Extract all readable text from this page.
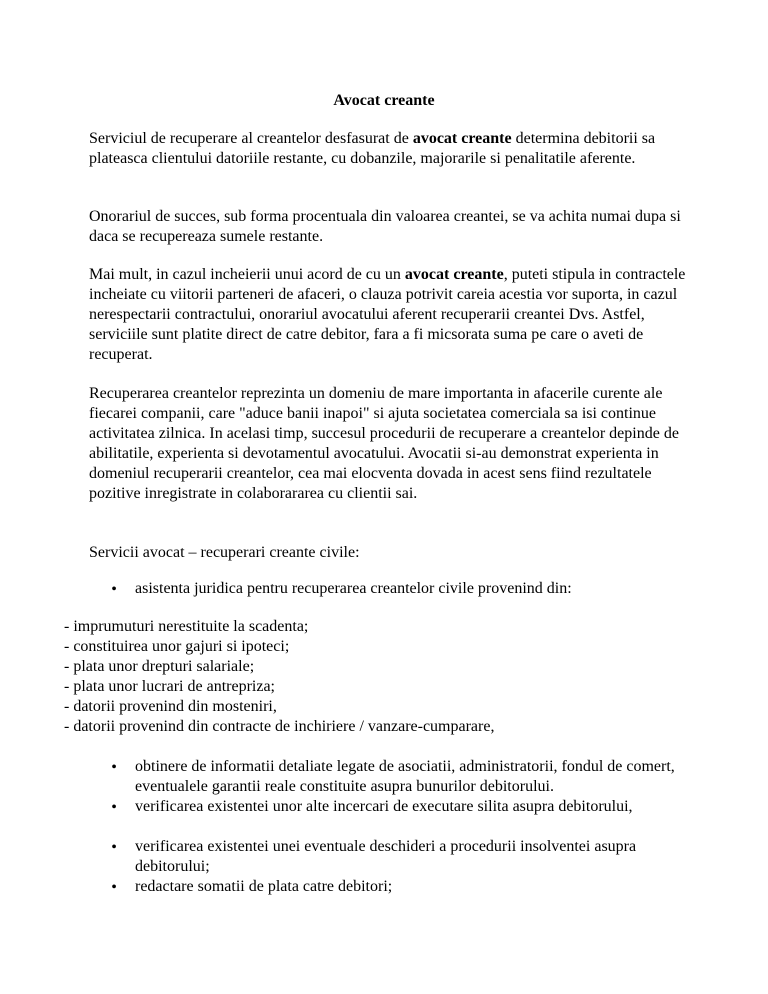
Avocat creante

Serviciul de recuperare al creantelor desfasurat de avocat creante determina debitorii sa plateasca clientului datoriile restante, cu dobanzile, majorarile si penalitatile aferente.

Onorariul de succes, sub forma procentuala din valoarea creantei, se va achita numai dupa si daca se recupereaza sumele restante.

Mai mult, in cazul incheierii unui acord de cu un avocat creante, puteti stipula in contractele incheiate cu viitorii parteneri de afaceri, o clauza potrivit careia acestia vor suporta, in cazul nerespectarii contractului, onorariul avocatului aferent recuperarii creantei Dvs. Astfel, serviciile sunt platite direct de catre debitor, fara a fi micsorata suma pe care o aveti de recuperat.

Recuperarea creantelor reprezinta un domeniu de mare importanta in afacerile curente ale fiecarei companii, care "aduce banii inapoi" si ajuta societatea comerciala sa isi continue activitatea zilnica. In acelasi timp, succesul procedurii de recuperare a creantelor depinde de abilitatile, experienta si devotamentul avocatului. Avocatii si-au demonstrat experienta in domeniul recuperarii creantelor, cea mai elocventa dovada in acest sens fiind rezultatele pozitive inregistrate in colaborararea cu clientii sai.

Servicii avocat – recuperari creante civile:

• asistenta juridica pentru recuperarea creantelor civile provenind din:

- imprumuturi nerestituite la scadenta;
- constituirea unor gajuri si ipoteci;
- plata unor drepturi salariale;
- plata unor lucrari de antrepriza;
- datorii provenind din mosteniri,
- datorii provenind din contracte de inchiriere / vanzare-cumparare,
• obtinere de informatii detaliate legate de asociatii, administratorii, fondul de comert, eventualele garantii reale constituite asupra bunurilor debitorului.

• verificarea existentei unor alte incercari de executare silita asupra debitorului,

• verificarea existentei unei eventuale deschideri a procedurii insolventei asupra debitorului;

• redactare somatii de plata catre debitori;
